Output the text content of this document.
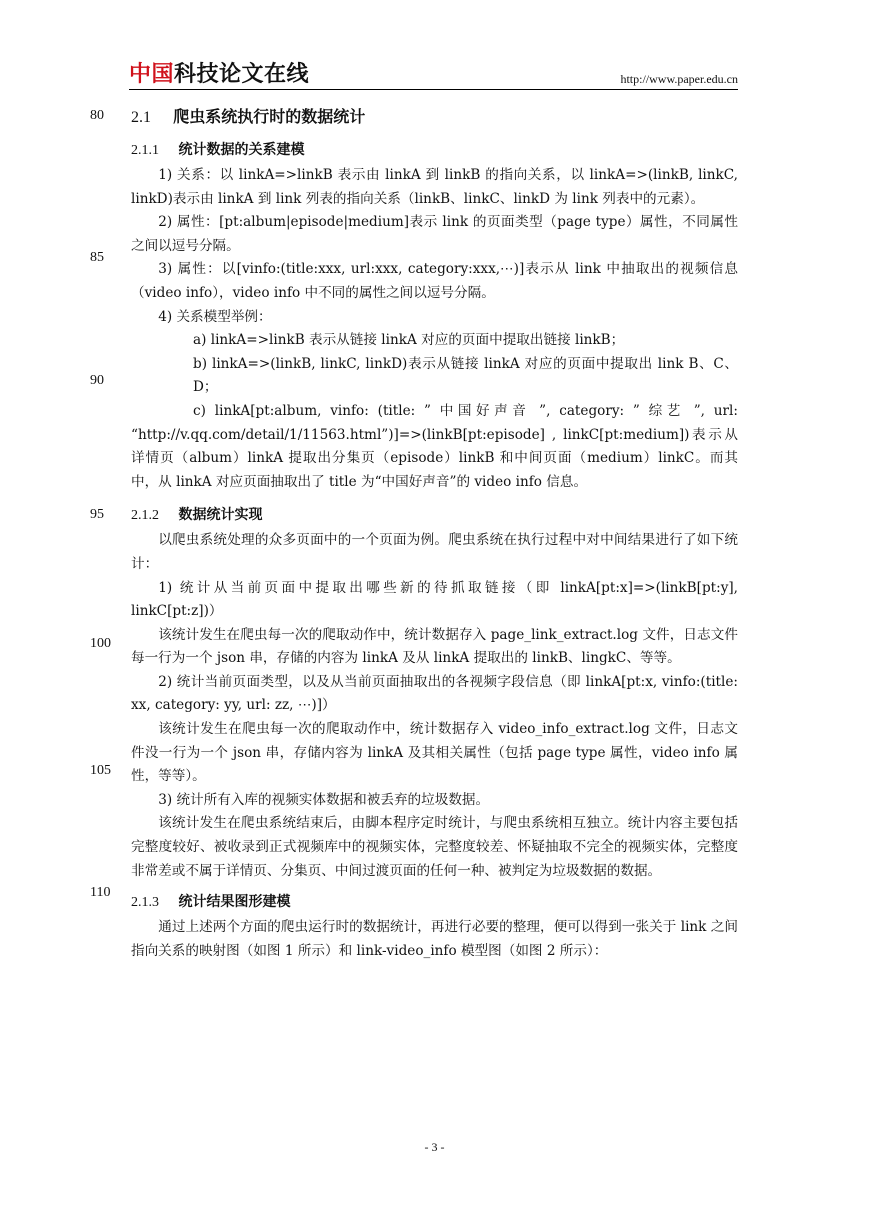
中国科技论文在线	http://www.paper.edu.cn
80
85
90
95
100
105
110
2.1 爬虫系统执行时的数据统计
2.1.1 统计数据的关系建模

1) 关系：以 linkA=>linkB 表示由 linkA 到 linkB 的指向关系，以 linkA=>(linkB, linkC, linkD)表示由 linkA 到 link 列表的指向关系（linkB、linkC、linkD 为 link 列表中的元素）。

2) 属性：[pt:album|episode|medium]表示 link 的页面类型（page type）属性，不同属性之间以逗号分隔。

3) 属性：以[vinfo:(title:xxx, url:xxx, category:xxx,⋯)]表示从 link 中抽取出的视频信息（video info），video info 中不同的属性之间以逗号分隔。

4) 关系模型举例：

a) linkA=>linkB 表示从链接 linkA 对应的页面中提取出链接 linkB；

b) linkA=>(linkB, linkC, linkD)表示从链接 linkA 对应的页面中提取出 link B、C、D；

c) linkA[pt:album, vinfo: (title: ” 中国好声音 ”, category: ” 综艺 ”, url: “http://v.qq.com/detail/1/11563.html”)]=>(linkB[pt:episode] , linkC[pt:medium])表示从详情页（album）linkA 提取出分集页（episode）linkB 和中间页面（medium）linkC。而其中，从 linkA 对应页面抽取出了 title 为“中国好声音”的 video info 信息。

2.1.2 数据统计实现

以爬虫系统处理的众多页面中的一个页面为例。爬虫系统在执行过程中对中间结果进行了如下统计：

1) 统计从当前页面中提取出哪些新的待抓取链接（即 linkA[pt:x]=>(linkB[pt:y], linkC[pt:z])）

该统计发生在爬虫每一次的爬取动作中，统计数据存入 page_link_extract.log 文件，日志文件每一行为一个 json 串，存储的内容为 linkA 及从 linkA 提取出的 linkB、lingkC、等等。

2) 统计当前页面类型，以及从当前页面抽取出的各视频字段信息（即 linkA[pt:x, vinfo:(title: xx, category: yy, url: zz, ⋯)]）

该统计发生在爬虫每一次的爬取动作中，统计数据存入 video_info_extract.log 文件，日志文件没一行为一个 json 串，存储内容为 linkA 及其相关属性（包括 page type 属性，video info 属性，等等）。

3) 统计所有入库的视频实体数据和被丢弃的垃圾数据。

该统计发生在爬虫系统结束后，由脚本程序定时统计，与爬虫系统相互独立。统计内容主要包括完整度较好、被收录到正式视频库中的视频实体，完整度较差、怀疑抽取不完全的视频实体，完整度非常差或不属于详情页、分集页、中间过渡页面的任何一种、被判定为垃圾数据的数据。

2.1.3 统计结果图形建模

通过上述两个方面的爬虫运行时的数据统计，再进行必要的整理，便可以得到一张关于 link 之间指向关系的映射图（如图 1 所示）和 link-video_info 模型图（如图 2 所示）：

- 3 -
